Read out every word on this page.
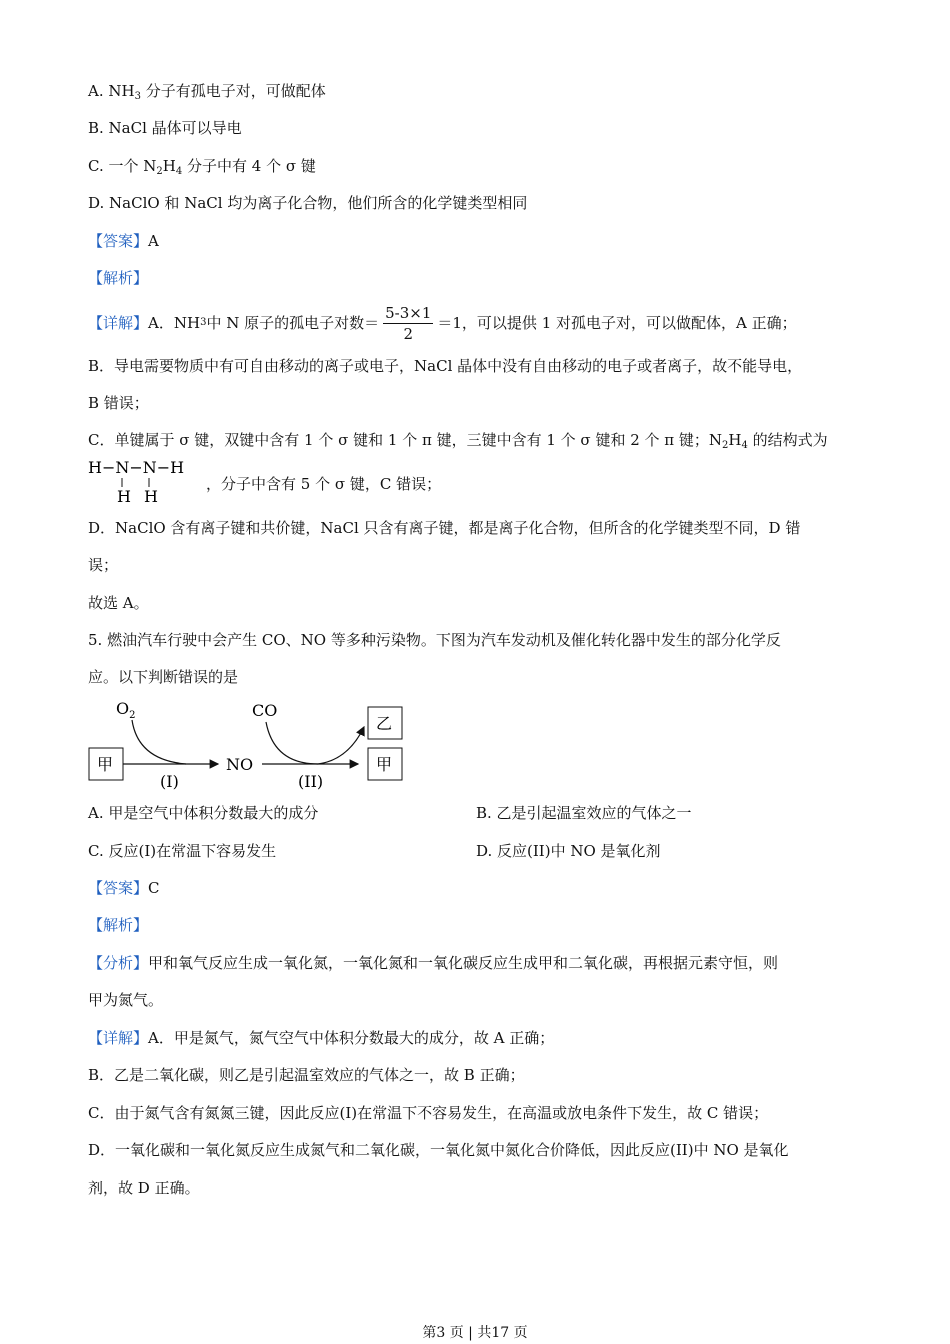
A. $NH_3$ 分子有孤电子对，可做配体
B. NaCl 晶体可以导电
C. 一个 $N_2H_4$ 分子中有 4 个 σ 键
D. NaClO 和 NaCl 均为离子化合物，他们所含的化学键类型相同
【答案】A
【解析】
【详解】 A．NH 3 中 N 原子的孤电子对数＝ $\frac{5-3\times 1}{2} =1$，可以提供 1 对孤电子对，可以做配体，A 正确；
B．导电需要物质中有可自由移动的离子或电子，NaCl 晶体中没有自由移动的电子或者离子，故不能导电，
B 错误；
C．单键属于 σ 键，双键中含有 1 个 σ 键和 1 个 π 键，三键中含有 1 个 σ 键和 2 个 π 键；$N_2H_4$ 的结构式为
H−N−N−H
H H
，分子中含有 5 个 σ 键，C 错误；
D．NaClO 含有离子键和共价键，NaCl 只含有离子键，都是离子化合物，但所含的化学键类型不同，D 错
误；
故选 A。
5. 燃油汽车行驶中会产生 CO、NO 等多种污染物。下图为汽车发动机及催化转化器中发生的部分化学反
应。以下判断错误的是
$O_2$	CO
甲	NO
乙
甲
(I)	(II)
A. 甲是空气中体积分数最大的成分	B. 乙是引起温室效应的气体之一
C. 反应(I)在常温下容易发生	D. 反应(II)中 NO 是氧化剂
【答案】C
【解析】
【分析】甲和氧气反应生成一氧化氮，一氧化氮和一氧化碳反应生成甲和二氧化碳，再根据元素守恒，则
甲为氮气。
【详解】A．甲是氮气，氮气空气中体积分数最大的成分，故 A 正确；
B．乙是二氧化碳，则乙是引起温室效应的气体之一，故 B 正确；
C．由于氮气含有氮氮三键，因此反应(I)在常温下不容易发生，在高温或放电条件下发生，故 C 错误；
D．一氧化碳和一氧化氮反应生成氮气和二氧化碳，一氧化氮中氮化合价降低，因此反应(II)中 NO 是氧化
剂，故 D 正确。
第3 页 | 共17 页
